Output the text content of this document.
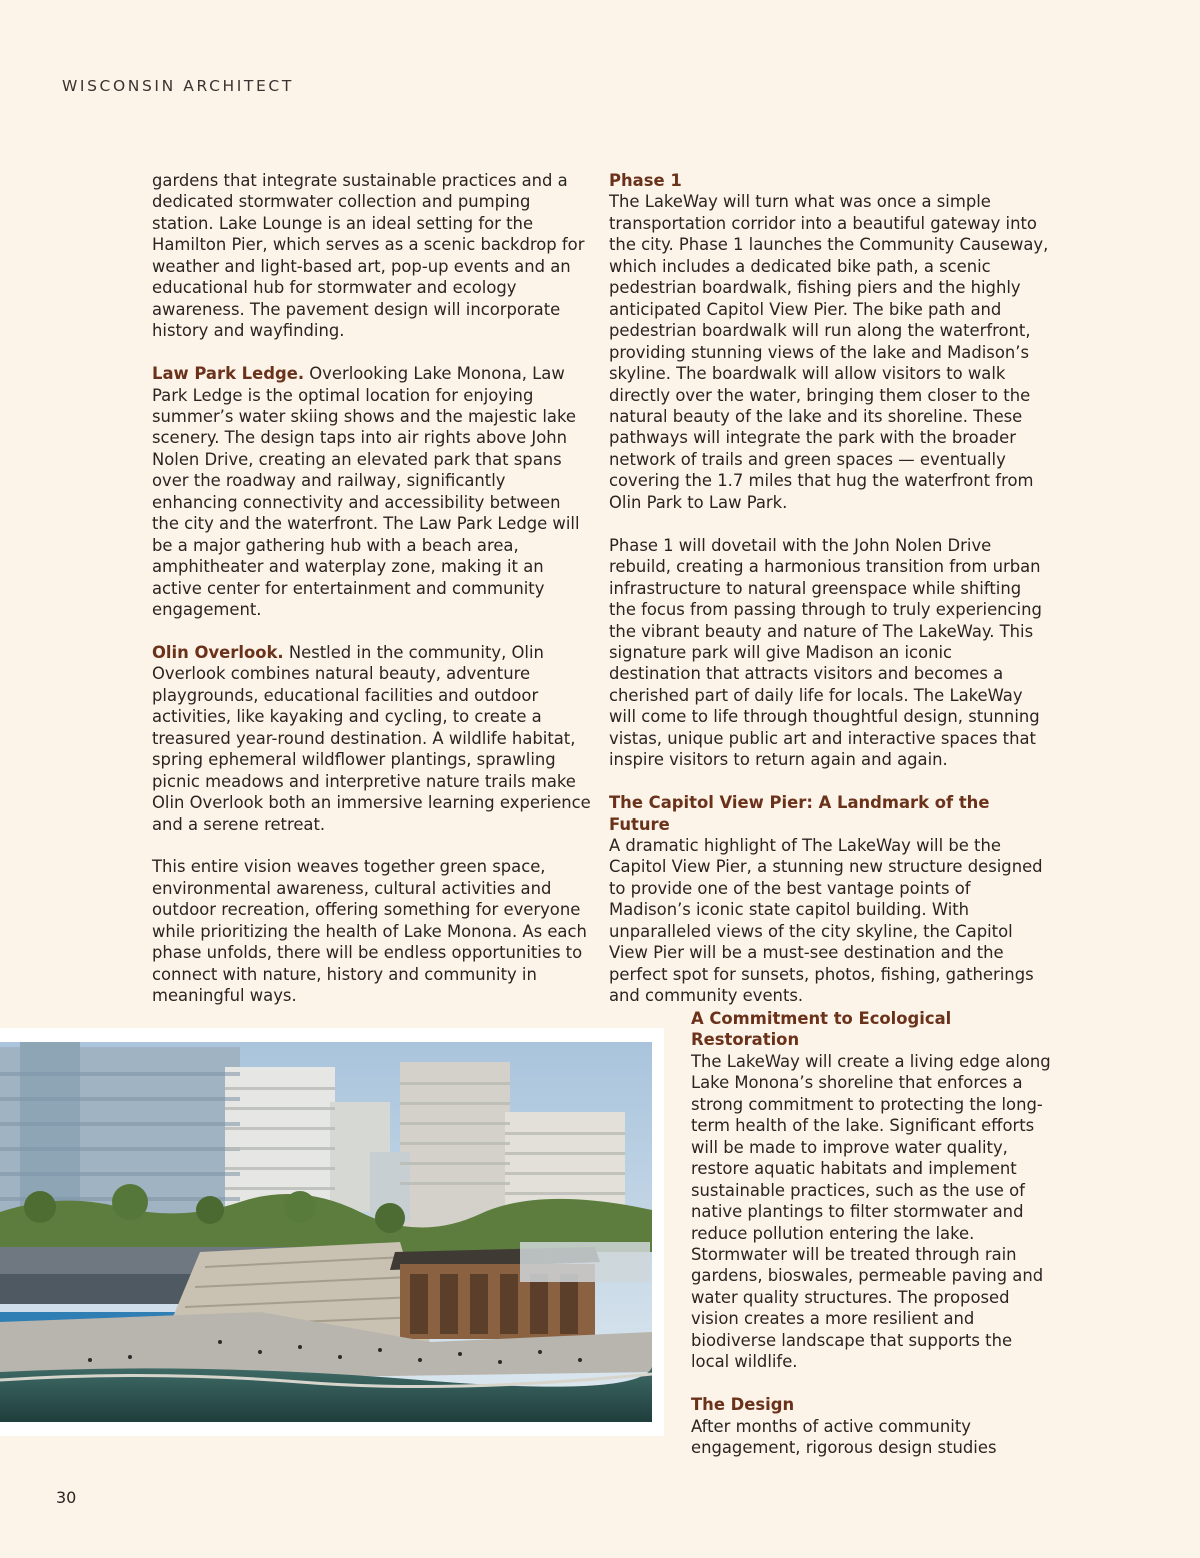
WISCONSIN ARCHITECT

gardens that integrate sustainable practices and a dedicated stormwater collection and pumping station. Lake Lounge is an ideal setting for the Hamilton Pier, which serves as a scenic backdrop for weather and light-based art, pop-up events and an educational hub for stormwater and ecology awareness. The pavement design will incorporate history and wayfinding.

Law Park Ledge. Overlooking Lake Monona, Law Park Ledge is the optimal location for enjoying summer’s water skiing shows and the majestic lake scenery. The design taps into air rights above John Nolen Drive, creating an elevated park that spans over the roadway and railway, significantly enhancing connectivity and accessibility between the city and the waterfront. The Law Park Ledge will be a major gathering hub with a beach area, amphitheater and waterplay zone, making it an active center for entertainment and community engagement.

Olin Overlook. Nestled in the community, Olin Overlook combines natural beauty, adventure playgrounds, educational facilities and outdoor activities, like kayaking and cycling, to create a treasured year-round destination. A wildlife habitat, spring ephemeral wildflower plantings, sprawling picnic meadows and interpretive nature trails make Olin Overlook both an immersive learning experience and a serene retreat.

This entire vision weaves together green space, environmental awareness, cultural activities and outdoor recreation, offering something for everyone while prioritizing the health of Lake Monona. As each phase unfolds, there will be endless opportunities to connect with nature, history and community in meaningful ways.

Phase 1
The LakeWay will turn what was once a simple transportation corridor into a beautiful gateway into the city. Phase 1 launches the Community Causeway, which includes a dedicated bike path, a scenic pedestrian boardwalk, fishing piers and the highly anticipated Capitol View Pier. The bike path and pedestrian boardwalk will run along the waterfront, providing stunning views of the lake and Madison’s skyline. The boardwalk will allow visitors to walk directly over the water, bringing them closer to the natural beauty of the lake and its shoreline. These pathways will integrate the park with the broader network of trails and green spaces — eventually covering the 1.7 miles that hug the waterfront from Olin Park to Law Park.

Phase 1 will dovetail with the John Nolen Drive rebuild, creating a harmonious transition from urban infrastructure to natural greenspace while shifting the focus from passing through to truly experiencing the vibrant beauty and nature of The LakeWay. This signature park will give Madison an iconic destination that attracts visitors and becomes a cherished part of daily life for locals. The LakeWay will come to life through thoughtful design, stunning vistas, unique public art and interactive spaces that inspire visitors to return again and again.

The Capitol View Pier: A Landmark of the Future
A dramatic highlight of The LakeWay will be the Capitol View Pier, a stunning new structure designed to provide one of the best vantage points of Madison’s iconic state capitol building. With unparalleled views of the city skyline, the Capitol View Pier will be a must-see destination and the perfect spot for sunsets, photos, fishing, gatherings and community events.

A Commitment to Ecological Restoration
The LakeWay will create a living edge along Lake Monona’s shoreline that enforces a strong commitment to protecting the long-term health of the lake. Significant efforts will be made to improve water quality, restore aquatic habitats and implement sustainable practices, such as the use of native plantings to filter stormwater and reduce pollution entering the lake. Stormwater will be treated through rain gardens, bioswales, permeable paving and water quality structures. The proposed vision creates a more resilient and biodiverse landscape that supports the local wildlife.

The Design
After months of active community engagement, rigorous design studies

30
